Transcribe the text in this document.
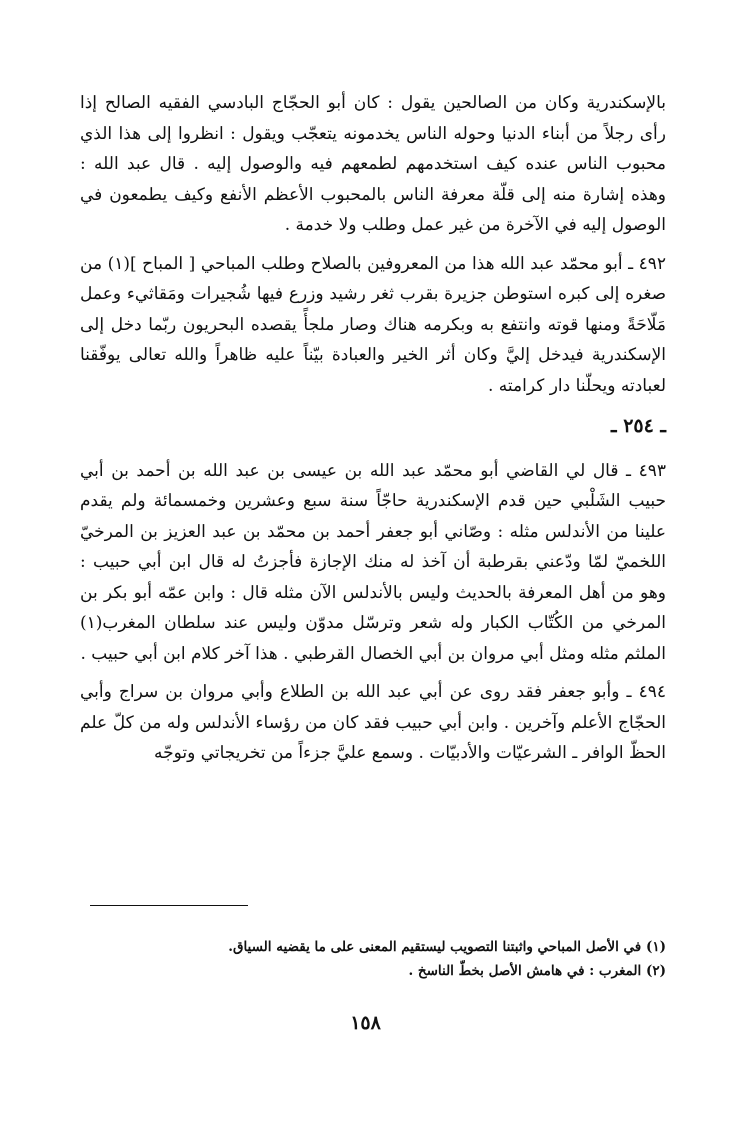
بالإسكندرية وكان من الصالحين يقول : كان أبو الحجّاج البادسي الفقيه الصالح إذا رأى رجلاً من أبناء الدنيا وحوله الناس يخدمونه يتعجّب ويقول : انظروا إلى هذا الذي محبوب الناس عنده كيف استخدمهم لطمعهم فيه والوصول إليه . قال عبد الله : وهذه إشارة منه إلى قلّة معرفة الناس بالمحبوب الأعظم الأنفع وكيف يطمعون في الوصول إليه في الآخرة من غير عمل وطلب ولا خدمة .

٤٩٢ ـ أبو محمّد عبد الله هذا من المعروفين بالصلاح وطلب المباحي [ المباح ](١) من صغره إلى كبره استوطن جزيرة بقرب ثغر رشيد وزرع فيها شُجيرات ومَقاثيء وعمل مَلّاحَةً ومنها قوته وانتفع به وبكرمه هناك وصار ملجأً يقصده البحريون ربّما دخل إلى الإسكندرية فيدخل إليَّ وكان أثر الخير والعبادة بيّناً عليه ظاهراً والله تعالى يوفّقنا لعبادته ويحلّنا دار كرامته .

ـ ٢٥٤ ـ

٤٩٣ ـ قال لي القاضي أبو محمّد عبد الله بن عيسى بن عبد الله بن أحمد بن أبي حبيب الشَلْبي حين قدم الإسكندرية حاجّاً سنة سبع وعشرين وخمسمائة ولم يقدم علينا من الأندلس مثله : وصّاني أبو جعفر أحمد بن محمّد بن عبد العزيز بن المرخيّ اللخميّ لمّا ودّعني بقرطبة أن آخذ له منك الإجازة فأجزتُ له قال ابن أبي حبيب : وهو من أهل المعرفة بالحديث وليس بالأندلس الآن مثله قال : وابن عمّه أبو بكر بن المرخي من الكُتّاب الكبار وله شعر وترسّل مدوّن وليس عند سلطان المغرب(١) الملثم مثله ومثل أبي مروان بن أبي الخصال القرطبي . هذا آخر كلام ابن أبي حبيب .

٤٩٤ ـ وأبو جعفر فقد روى عن أبي عبد الله بن الطلاع وأبي مروان بن سراج وأبي الحجّاج الأعلم وآخرين . وابن أبي حبيب فقد كان من رؤساء الأندلس وله من كلّ علم الحظّ الوافر ـ الشرعيّات والأدبيّات . وسمع عليَّ جزءاً من تخريجاتي وتوجّه

(١) في الأصل المباحي واثبتنا التصويب ليستقيم المعنى على ما يقضيه السياق.

(٢) المغرب : في هامش الأصل بخطّ الناسخ .

١٥٨
